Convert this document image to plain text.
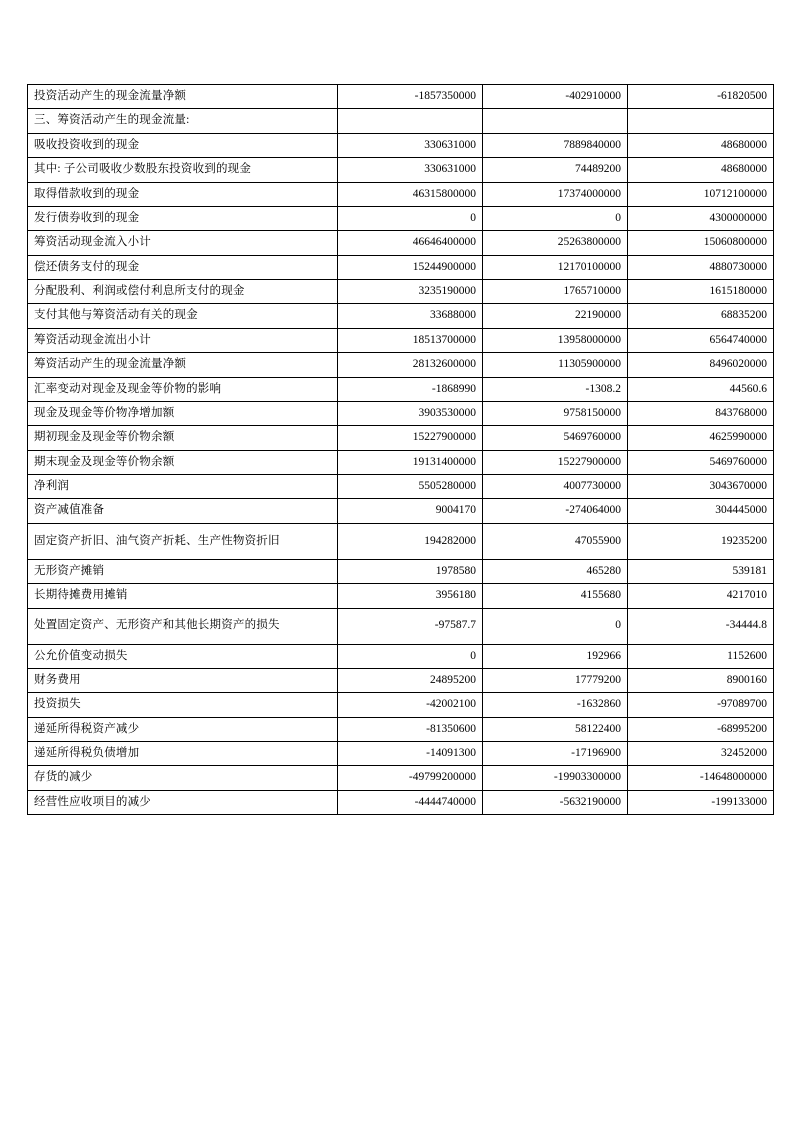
投资活动产生的现金流量净额	-1857350000	-402910000	-61820500
三、筹资活动产生的现金流量:			
吸收投资收到的现金	330631000	7889840000	48680000
其中: 子公司吸收少数股东投资收到的现金	330631000	74489200	48680000
取得借款收到的现金	46315800000	17374000000	10712100000
发行债券收到的现金	0	0	4300000000
筹资活动现金流入小计	46646400000	25263800000	15060800000
偿还债务支付的现金	15244900000	12170100000	4880730000
分配股利、利润或偿付利息所支付的现金	3235190000	1765710000	1615180000
支付其他与筹资活动有关的现金	33688000	22190000	68835200
筹资活动现金流出小计	18513700000	13958000000	6564740000
筹资活动产生的现金流量净额	28132600000	11305900000	8496020000
汇率变动对现金及现金等价物的影响	-1868990	-1308.2	44560.6
现金及现金等价物净增加额	3903530000	9758150000	843768000
期初现金及现金等价物余额	15227900000	5469760000	4625990000
期末现金及现金等价物余额	19131400000	15227900000	5469760000
净利润	5505280000	4007730000	3043670000
资产减值准备	9004170	-274064000	304445000
固定资产折旧、油气资产折耗、生产性物资折旧	194282000	47055900	19235200
无形资产摊销	1978580	465280	539181
长期待摊费用摊销	3956180	4155680	4217010
处置固定资产、无形资产和其他长期资产的损失	-97587.7	0	-34444.8
公允价值变动损失	0	192966	1152600
财务费用	24895200	17779200	8900160
投资损失	-42002100	-1632860	-97089700
递延所得税资产减少	-81350600	58122400	-68995200
递延所得税负债增加	-14091300	-17196900	32452000
存货的减少	-49799200000	-19903300000	-14648000000
经营性应收项目的减少	-4444740000	-5632190000	-199133000
